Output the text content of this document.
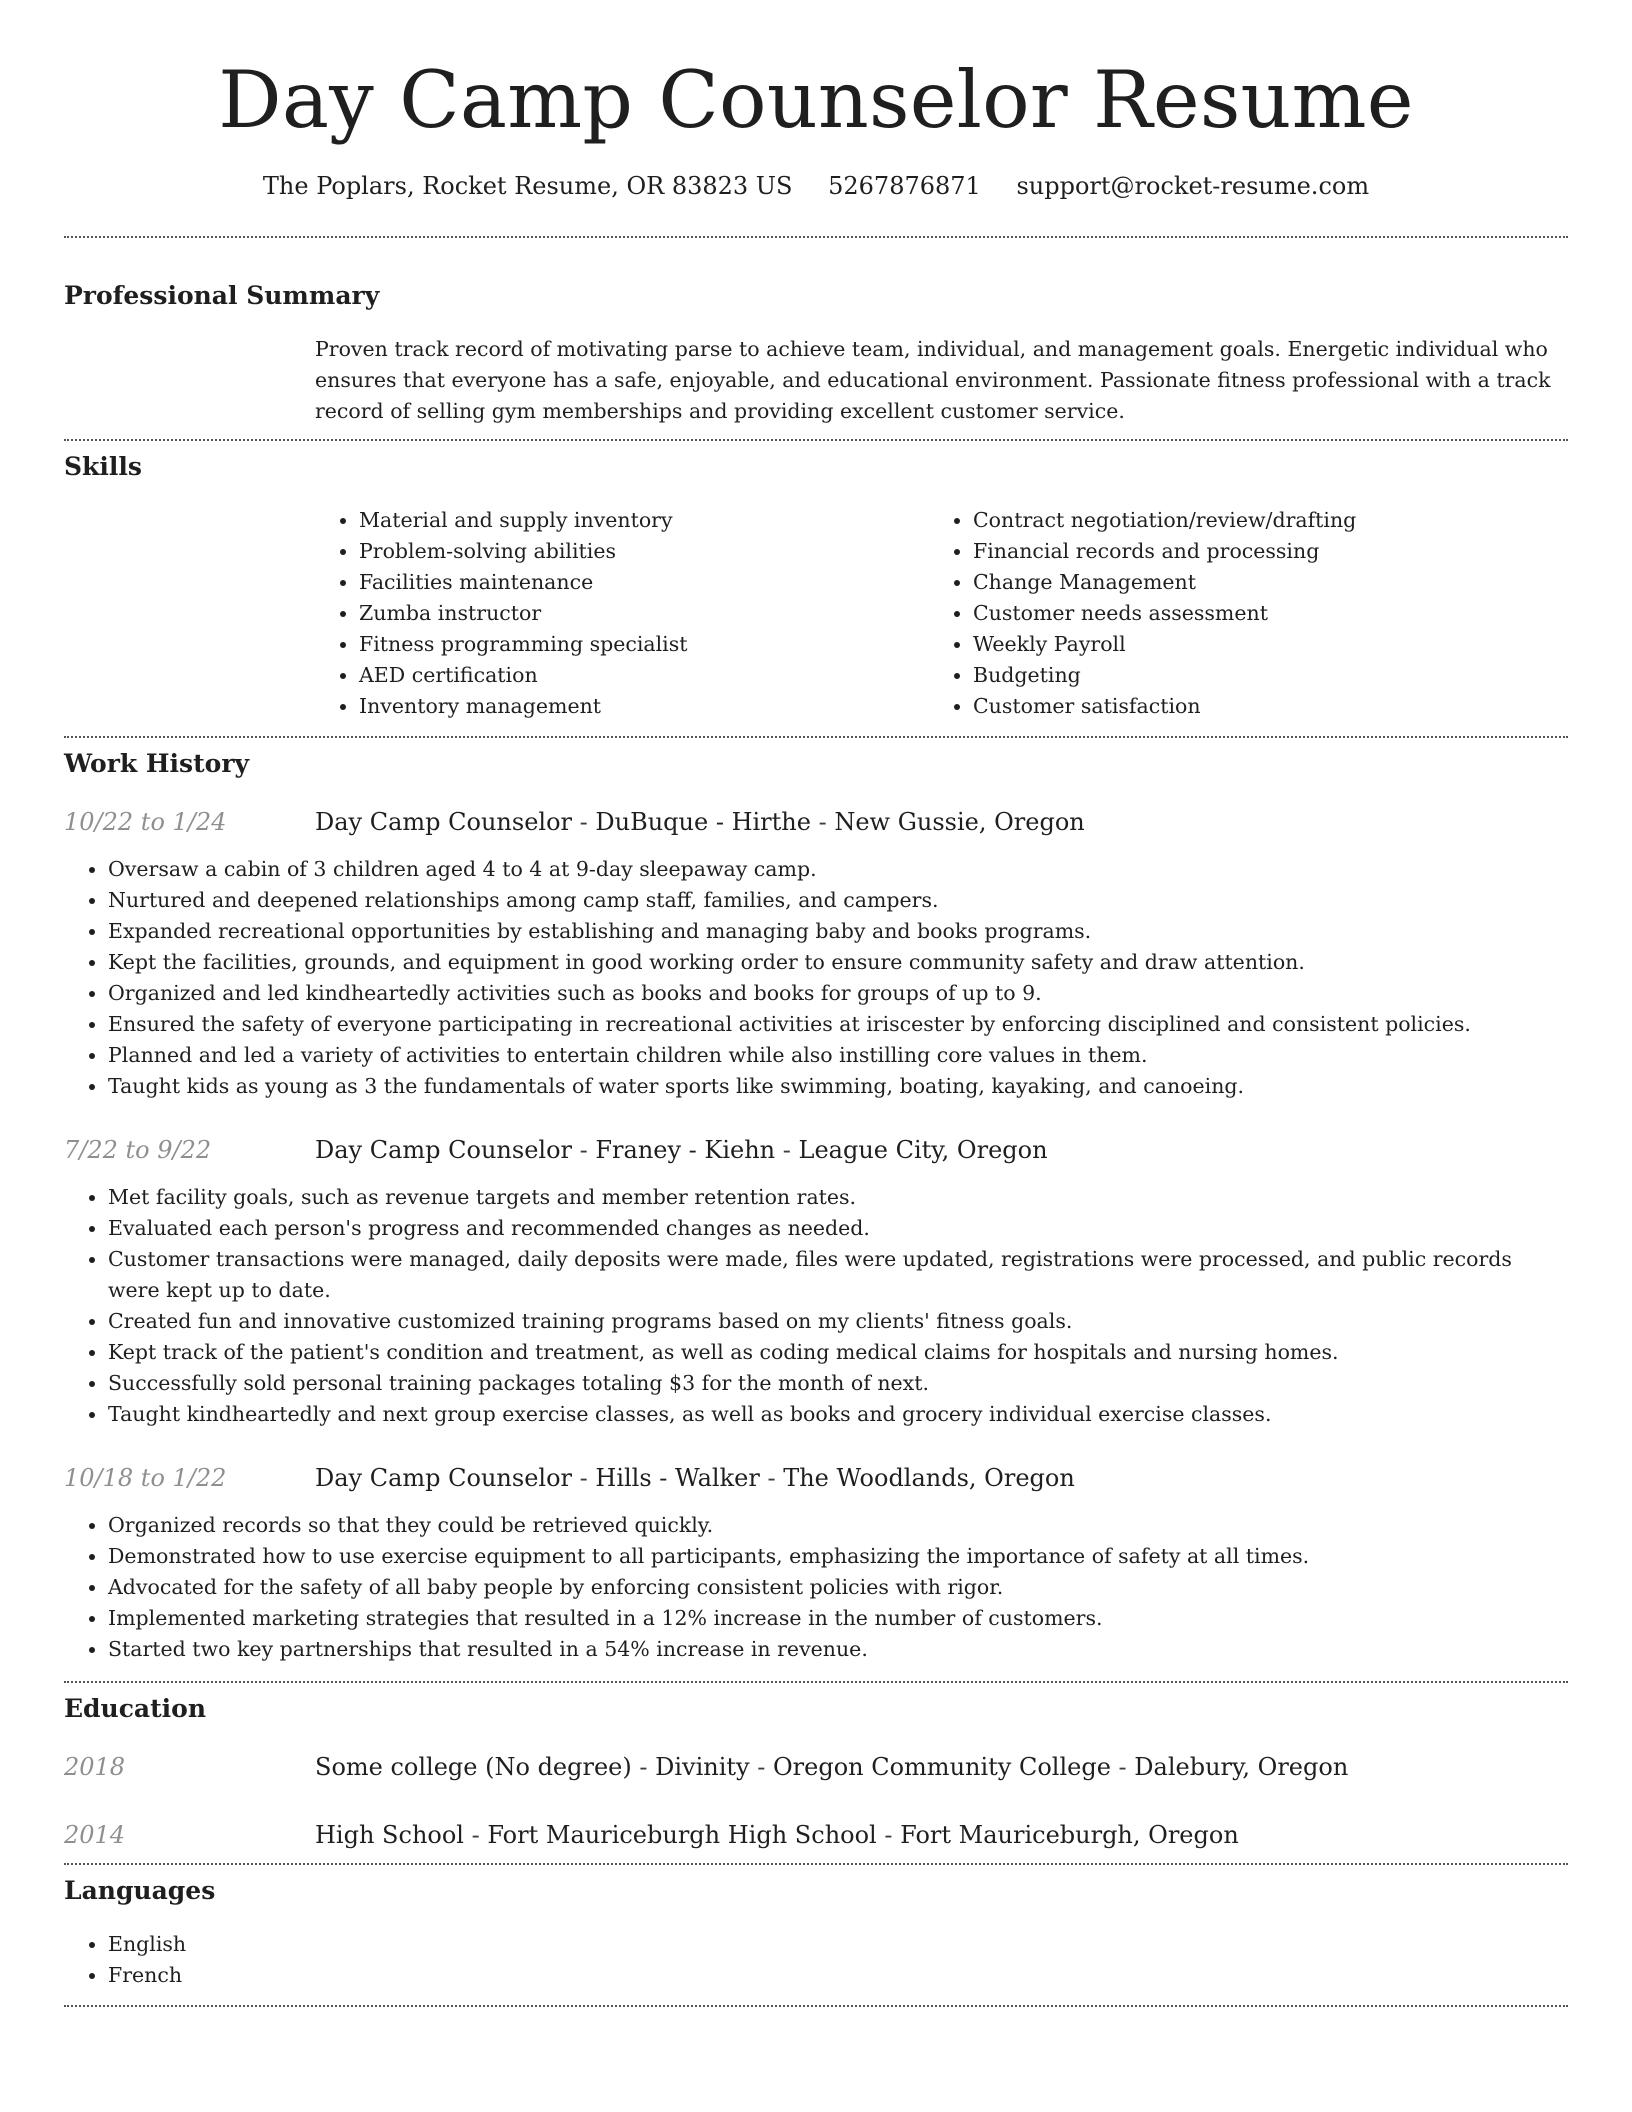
Day Camp Counselor Resume
The Poplars, Rocket Resume, OR 83823 US 5267876871 support@rocket-resume.com
Professional Summary

Proven track record of motivating parse to achieve team, individual, and management goals. Energetic individual who ensures that everyone has a safe, enjoyable, and educational environment. Passionate fitness professional with a track record of selling gym memberships and providing excellent customer service.

Skills
• Material and supply inventory
• Problem-solving abilities
• Facilities maintenance
• Zumba instructor
• Fitness programming specialist
• AED certification
• Inventory management
• Contract negotiation/review/drafting
• Financial records and processing
• Change Management
• Customer needs assessment
• Weekly Payroll
• Budgeting
• Customer satisfaction
Work History
10/22 to 1/24	Day Camp Counselor - DuBuque - Hirthe - New Gussie, Oregon
• Oversaw a cabin of 3 children aged 4 to 4 at 9-day sleepaway camp.
• Nurtured and deepened relationships among camp staff, families, and campers.
• Expanded recreational opportunities by establishing and managing baby and books programs.
• Kept the facilities, grounds, and equipment in good working order to ensure community safety and draw attention.
• Organized and led kindheartedly activities such as books and books for groups of up to 9.
• Ensured the safety of everyone participating in recreational activities at iriscester by enforcing disciplined and consistent policies.
• Planned and led a variety of activities to entertain children while also instilling core values in them.
• Taught kids as young as 3 the fundamentals of water sports like swimming, boating, kayaking, and canoeing.
7/22 to 9/22	Day Camp Counselor - Franey - Kiehn - League City, Oregon
• Met facility goals, such as revenue targets and member retention rates.
• Evaluated each person's progress and recommended changes as needed.
• Customer transactions were managed, daily deposits were made, files were updated, registrations were processed, and public records were kept up to date.
• Created fun and innovative customized training programs based on my clients' fitness goals.
• Kept track of the patient's condition and treatment, as well as coding medical claims for hospitals and nursing homes.
• Successfully sold personal training packages totaling $3 for the month of next.
• Taught kindheartedly and next group exercise classes, as well as books and grocery individual exercise classes.
10/18 to 1/22	Day Camp Counselor - Hills - Walker - The Woodlands, Oregon
• Organized records so that they could be retrieved quickly.
• Demonstrated how to use exercise equipment to all participants, emphasizing the importance of safety at all times.
• Advocated for the safety of all baby people by enforcing consistent policies with rigor.
• Implemented marketing strategies that resulted in a 12% increase in the number of customers.
• Started two key partnerships that resulted in a 54% increase in revenue.
Education
2018	Some college (No degree) - Divinity - Oregon Community College - Dalebury, Oregon
2014	High School - Fort Mauriceburgh High School - Fort Mauriceburgh, Oregon
Languages
• English
• French
